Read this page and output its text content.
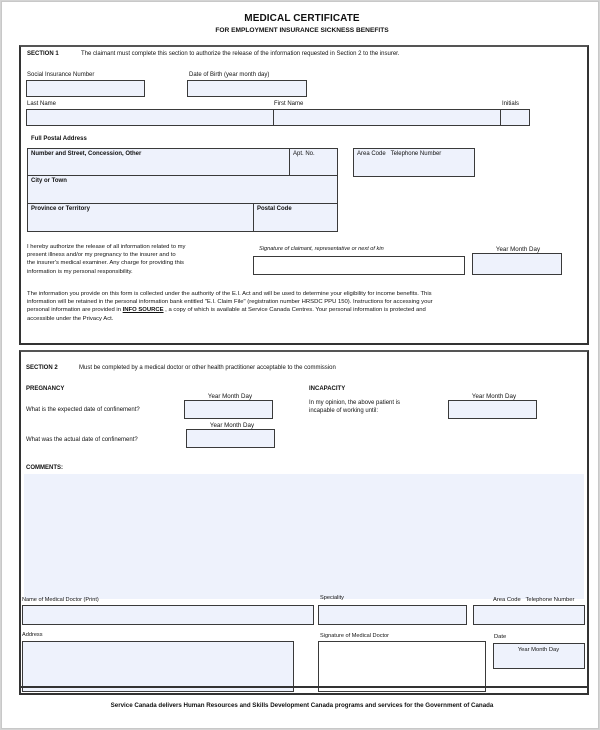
MEDICAL CERTIFICATE
FOR EMPLOYMENT INSURANCE SICKNESS BENEFITS
SECTION 1	The claimant must complete this section to authorize the release of the information requested in Section 2 to the insurer.
Social Insurance Number	Date of Birth (year month day)
Last Name	First Name	Initials
Full Postal Address
Number and Street, Concession, Other	Apt. No.
City or Town
Province or Territory	Postal Code
Area Code   Telephone Number
I hereby authorize the release of all information related to my
present illness and/or my pregnancy to the insurer and to
the insurer's medical examiner. Any charge for providing this
information is my personal responsibility.
Signature of claimant, representative or next of kin	Year Month Day
The information you provide on this form is collected under the authority of the E.I. Act and will be used to determine your eligibility for income benefits. This
information will be retained in the personal information bank entitled "E.I. Claim File" (registration number HRSDC PPU 150). Instructions for accessing your
personal information are provided in INFO SOURCE , a copy of which is available at Service Canada Centres. Your personal information is protected and
accessible under the Privacy Act.
SECTION 2	Must be completed by a medical doctor or other health practitioner acceptable to the commission
PREGNANCY
Year Month Day
What is the expected date of confinement?
Year Month Day
What was the actual date of confinement?
INCAPACITY
In my opinion, the above patient is
incapable of working until:
Year Month Day
COMMENTS:
Name of Medical Doctor (Print)	Speciality	Area Code   Telephone Number
Address	Signature of Medical Doctor	Date
Year Month Day
Service Canada delivers Human Resources and Skills Development Canada programs and services for the Government of Canada
